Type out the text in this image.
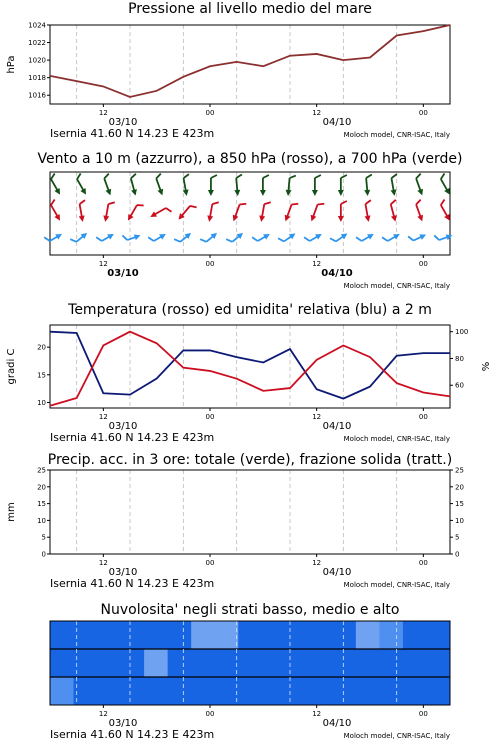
Pressione al livello medio del mare
12	00	12	00
03/10	04/10
Isernia 41.60 N 14.23 E 423m	Moloch model, CNR-ISAC, Italy
Vento a 10 m (azzurro), a 850 hPa (rosso), a 700 hPa (verde)
12	00	12	00
03/10	04/10
Moloch model, CNR-ISAC, Italy
Temperatura (rosso) ed umidita' relativa (blu) a 2 m
12	00	12	00
03/10	04/10
Isernia 41.60 N 14.23 E 423m	Moloch model, CNR-ISAC, Italy
Precip. acc. in 3 ore: totale (verde), frazione solida (tratt.)
12	00	12	00
03/10	04/10
Isernia 41.60 N 14.23 E 423m	Moloch model, CNR-ISAC, Italy
Nuvolosita' negli strati basso, medio e alto
12	00	12	00
03/10	04/10
Isernia 41.60 N 14.23 E 423m	Moloch model, CNR-ISAC, Italy
1016
1018
1020
1022
1024
hPa
10
15
20
60
80
100
gradi C	%
0	0
5	5
10	10
15	15
20	20
25	25
mm
